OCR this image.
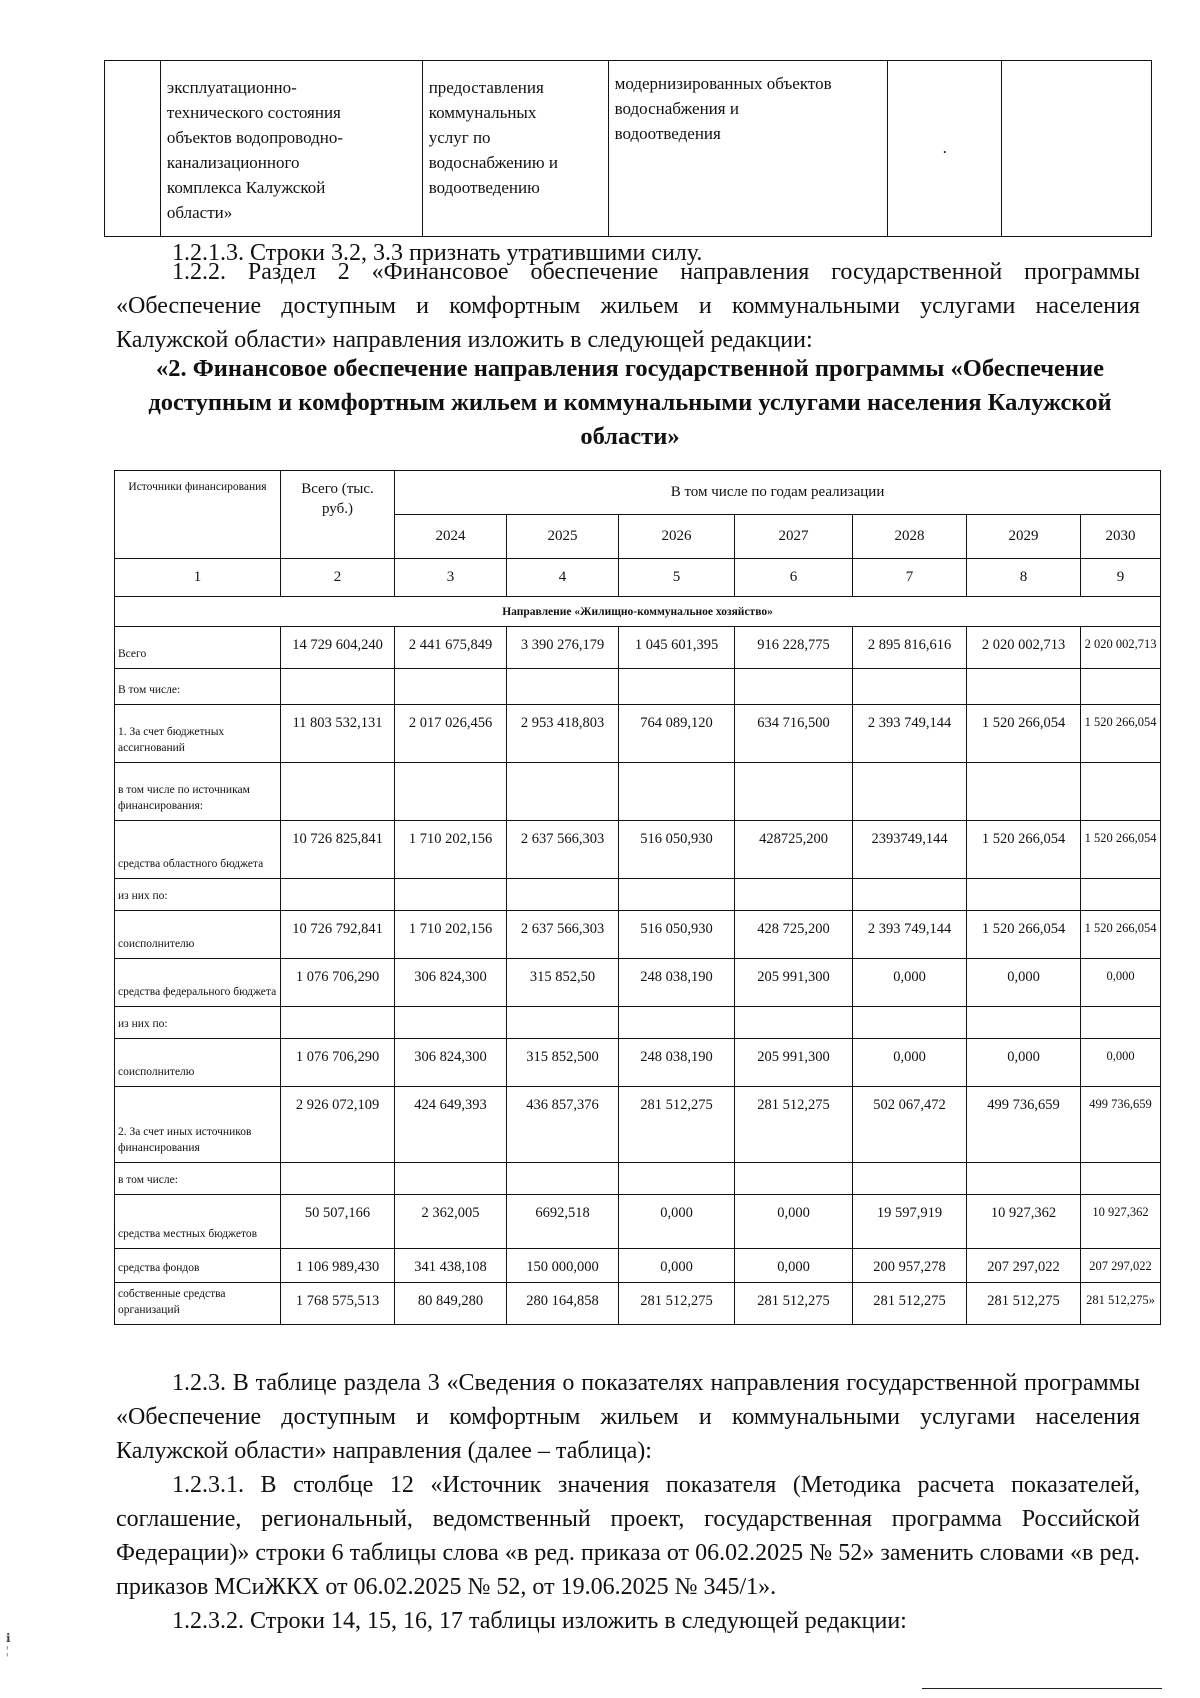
	эксплуатационно-
технического состояния
объектов водопроводно-
канализационного
комплекса Калужской
области»	предоставления
коммунальных
услуг по
водоснабжению и
водоотведению	модернизированных объектов
водоснабжения и
водоотведения	.	
1.2.1.3. Строки 3.2, 3.3 признать утратившими силу.
1.2.2. Раздел 2 «Финансовое обеспечение направления государственной программы «Обеспечение доступным и комфортным жильем и коммунальными услугами населения Калужской области» направления изложить в следующей редакции:
«2. Финансовое обеспечение направления государственной программы «Обеспечение доступным и комфортным жильем и коммунальными услугами населения Калужской области»
Источники финансирования	Всего (тыс. руб.)	В том числе по годам реализации						
		2024	2025	2026	2027	2028	2029	2030
1	2	3	4	5	6	7	8	9
Направление «Жилищно-коммунальное хозяйство»								
Всего	14 729 604,240	2 441 675,849	3 390 276,179	1 045 601,395	916 228,775	2 895 816,616	2 020 002,713	2 020 002,713
В том числе:								
1. За счет бюджетных ассигнований	11 803 532,131	2 017 026,456	2 953 418,803	764 089,120	634 716,500	2 393 749,144	1 520 266,054	1 520 266,054
в том числе по источникам финансирования:								
средства областного бюджета	10 726 825,841	1 710 202,156	2 637 566,303	516 050,930	428725,200	2393749,144	1 520 266,054	1 520 266,054
из них по:								
соисполнителю	10 726 792,841	1 710 202,156	2 637 566,303	516 050,930	428 725,200	2 393 749,144	1 520 266,054	1 520 266,054
средства федерального бюджета	1 076 706,290	306 824,300	315 852,50	248 038,190	205 991,300	0,000	0,000	0,000
из них по:								
соисполнителю	1 076 706,290	306 824,300	315 852,500	248 038,190	205 991,300	0,000	0,000	0,000
2. За счет иных источников финансирования	2 926 072,109	424 649,393	436 857,376	281 512,275	281 512,275	502 067,472	499 736,659	499 736,659
в том числе:								
средства местных бюджетов	50 507,166	2 362,005	6692,518	0,000	0,000	19 597,919	10 927,362	10 927,362
средства фондов	1 106 989,430	341 438,108	150 000,000	0,000	0,000	200 957,278	207 297,022	207 297,022
собственные средства организаций	1 768 575,513	80 849,280	280 164,858	281 512,275	281 512,275	281 512,275	281 512,275	281 512,275»
1.2.3. В таблице раздела 3 «Сведения о показателях направления государственной программы «Обеспечение доступным и комфортным жильем и коммунальными услугами населения Калужской области» направления (далее – таблица):
1.2.3.1. В столбце 12 «Источник значения показателя (Методика расчета показателей, соглашение, региональный, ведомственный проект, государственная программа Российской Федерации)» строки 6 таблицы слова «в ред. приказа от 06.02.2025 № 52» заменить словами «в ред. приказов МСиЖКХ от 06.02.2025 № 52, от 19.06.2025 № 345/1».
1.2.3.2. Строки 14, 15, 16, 17 таблицы изложить в следующей редакции:
ℹ
¦
